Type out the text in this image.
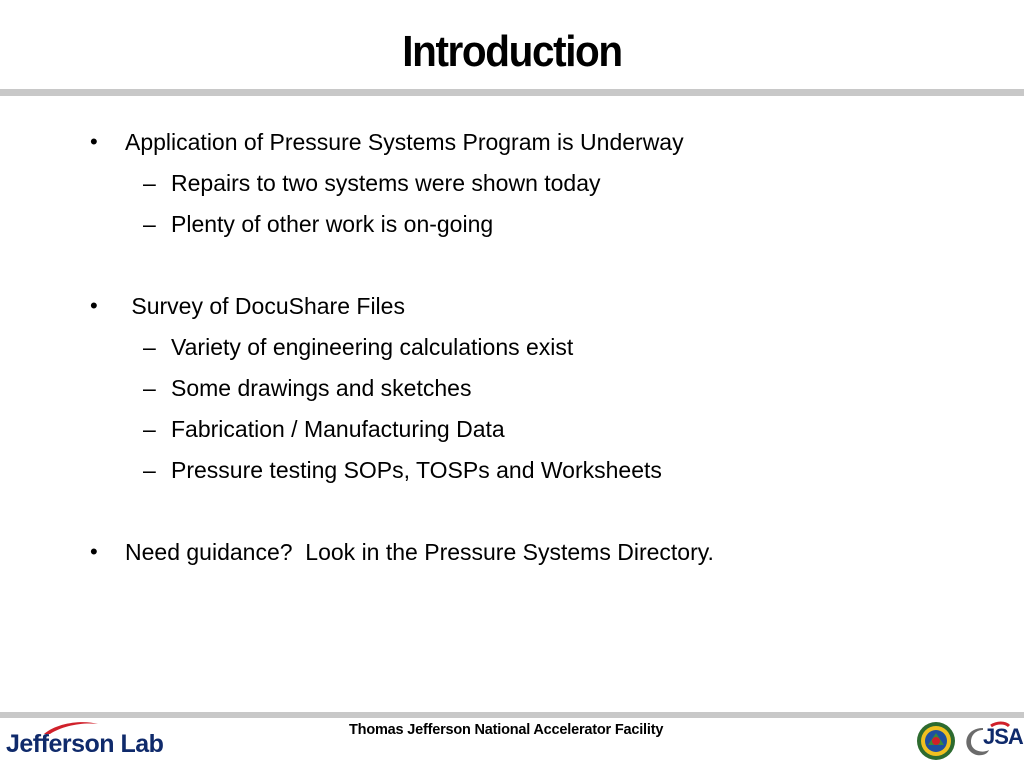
Introduction
•	Application of Pressure Systems Program is Underway
– Repairs to two systems were shown today
– Plenty of other work is on-going
•	Survey of DocuShare Files
– Variety of engineering calculations exist
– Some drawings and sketches
– Fabrication / Manufacturing Data
– Pressure testing SOPs, TOSPs and Worksheets
•	Need guidance?  Look in the Pressure Systems Directory.
Jefferson Lab	Thomas Jefferson National Accelerator Facility	JSA
